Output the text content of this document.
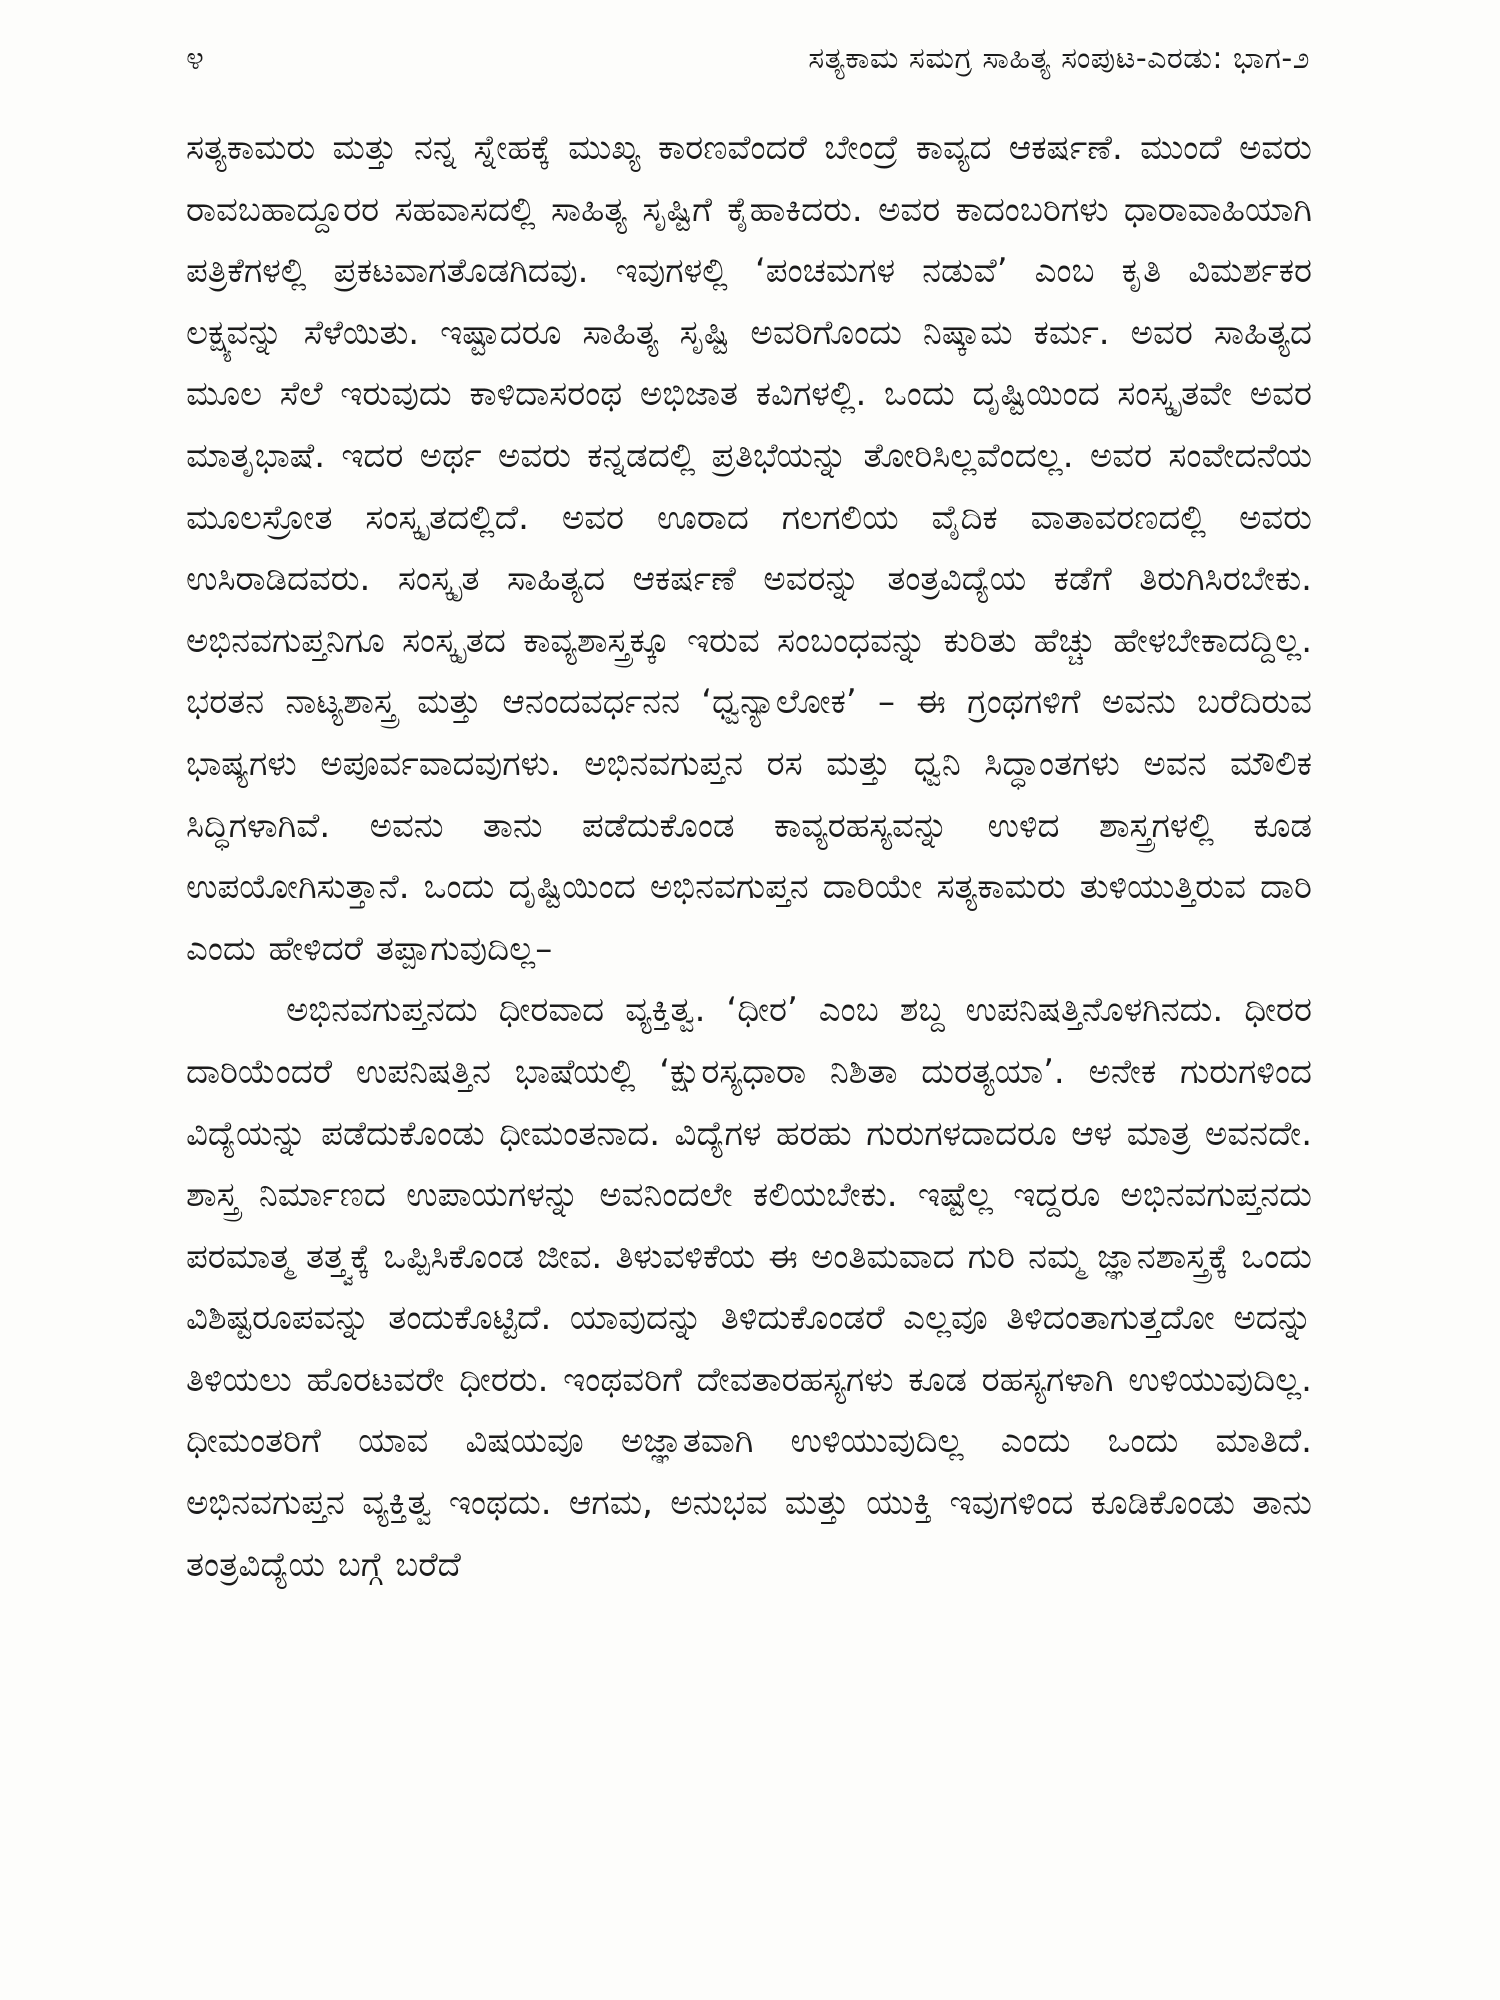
೪	ಸತ್ಯಕಾಮ ಸಮಗ್ರ ಸಾಹಿತ್ಯ ಸಂಪುಟ-ಎರಡು: ಭಾಗ-೨

ಸತ್ಯಕಾಮರು ಮತ್ತು ನನ್ನ ಸ್ನೇಹಕ್ಕೆ ಮುಖ್ಯ ಕಾರಣವೆಂದರೆ ಬೇಂದ್ರೆ ಕಾವ್ಯದ ಆಕರ್ಷಣೆ. ಮುಂದೆ ಅವರು ರಾವಬಹಾದ್ದೂರರ ಸಹವಾಸದಲ್ಲಿ ಸಾಹಿತ್ಯ ಸೃಷ್ಟಿಗೆ ಕೈಹಾಕಿದರು. ಅವರ ಕಾದಂಬರಿಗಳು ಧಾರಾವಾಹಿಯಾಗಿ ಪತ್ರಿಕೆಗಳಲ್ಲಿ ಪ್ರಕಟವಾಗತೊಡಗಿದವು. ಇವುಗಳಲ್ಲಿ ‘ಪಂಚಮಗಳ ನಡುವೆ’ ಎಂಬ ಕೃತಿ ವಿಮರ್ಶಕರ ಲಕ್ಷ್ಯವನ್ನು ಸೆಳೆಯಿತು. ಇಷ್ಟಾದರೂ ಸಾಹಿತ್ಯ ಸೃಷ್ಟಿ ಅವರಿಗೊಂದು ನಿಷ್ಕಾಮ ಕರ್ಮ. ಅವರ ಸಾಹಿತ್ಯದ ಮೂಲ ಸೆಲೆ ಇರುವುದು ಕಾಳಿದಾಸರಂಥ ಅಭಿಜಾತ ಕವಿಗಳಲ್ಲಿ. ಒಂದು ದೃಷ್ಟಿಯಿಂದ ಸಂಸ್ಕೃತವೇ ಅವರ ಮಾತೃಭಾಷೆ. ಇದರ ಅರ್ಥ ಅವರು ಕನ್ನಡದಲ್ಲಿ ಪ್ರತಿಭೆಯನ್ನು ತೋರಿಸಿಲ್ಲವೆಂದಲ್ಲ. ಅವರ ಸಂವೇದನೆಯ ಮೂಲಸ್ರೋತ ಸಂಸ್ಕೃತದಲ್ಲಿದೆ. ಅವರ ಊರಾದ ಗಲಗಲಿಯ ವೈದಿಕ ವಾತಾವರಣದಲ್ಲಿ ಅವರು ಉಸಿರಾಡಿದವರು. ಸಂಸ್ಕೃತ ಸಾಹಿತ್ಯದ ಆಕರ್ಷಣೆ ಅವರನ್ನು ತಂತ್ರವಿದ್ಯೆಯ ಕಡೆಗೆ ತಿರುಗಿಸಿರಬೇಕು. ಅಭಿನವಗುಪ್ತನಿಗೂ ಸಂಸ್ಕೃತದ ಕಾವ್ಯಶಾಸ್ತ್ರಕ್ಕೂ ಇರುವ ಸಂಬಂಧವನ್ನು ಕುರಿತು ಹೆಚ್ಚು ಹೇಳಬೇಕಾದದ್ದಿಲ್ಲ. ಭರತನ ನಾಟ್ಯಶಾಸ್ತ್ರ ಮತ್ತು ಆನಂದವರ್ಧನನ ‘ಧ್ವನ್ಯಾಲೋಕ’ – ಈ ಗ್ರಂಥಗಳಿಗೆ ಅವನು ಬರೆದಿರುವ ಭಾಷ್ಯಗಳು ಅಪೂರ್ವವಾದವುಗಳು. ಅಭಿನವಗುಪ್ತನ ರಸ ಮತ್ತು ಧ್ವನಿ ಸಿದ್ಧಾಂತಗಳು ಅವನ ಮೌಲಿಕ ಸಿದ್ಧಿಗಳಾಗಿವೆ. ಅವನು ತಾನು ಪಡೆದುಕೊಂಡ ಕಾವ್ಯರಹಸ್ಯವನ್ನು ಉಳಿದ ಶಾಸ್ತ್ರಗಳಲ್ಲಿ ಕೂಡ ಉಪಯೋಗಿಸುತ್ತಾನೆ. ಒಂದು ದೃಷ್ಟಿಯಿಂದ ಅಭಿನವಗುಪ್ತನ ದಾರಿಯೇ ಸತ್ಯಕಾಮರು ತುಳಿಯುತ್ತಿರುವ ದಾರಿ ಎಂದು ಹೇಳಿದರೆ ತಪ್ಪಾಗುವುದಿಲ್ಲ–

ಅಭಿನವಗುಪ್ತನದು ಧೀರವಾದ ವ್ಯಕ್ತಿತ್ವ. ‘ಧೀರ’ ಎಂಬ ಶಬ್ದ ಉಪನಿಷತ್ತಿನೊಳಗಿನದು. ಧೀರರ ದಾರಿಯೆಂದರೆ ಉಪನಿಷತ್ತಿನ ಭಾಷೆಯಲ್ಲಿ ‘ಕ್ಷುರಸ್ಯಧಾರಾ ನಿಶಿತಾ ದುರತ್ಯಯಾ’. ಅನೇಕ ಗುರುಗಳಿಂದ ವಿದ್ಯೆಯನ್ನು ಪಡೆದುಕೊಂಡು ಧೀಮಂತನಾದ. ವಿದ್ಯೆಗಳ ಹರಹು ಗುರುಗಳದಾದರೂ ಆಳ ಮಾತ್ರ ಅವನದೇ. ಶಾಸ್ತ್ರ ನಿರ್ಮಾಣದ ಉಪಾಯಗಳನ್ನು ಅವನಿಂದಲೇ ಕಲಿಯಬೇಕು. ಇಷ್ಟೆಲ್ಲ ಇದ್ದರೂ ಅಭಿನವಗುಪ್ತನದು ಪರಮಾತ್ಮ ತತ್ತ್ವಕ್ಕೆ ಒಪ್ಪಿಸಿಕೊಂಡ ಜೀವ. ತಿಳುವಳಿಕೆಯ ಈ ಅಂತಿಮವಾದ ಗುರಿ ನಮ್ಮ ಜ್ಞಾನಶಾಸ್ತ್ರಕ್ಕೆ ಒಂದು ವಿಶಿಷ್ಟರೂಪವನ್ನು ತಂದುಕೊಟ್ಟಿದೆ. ಯಾವುದನ್ನು ತಿಳಿದುಕೊಂಡರೆ ಎಲ್ಲವೂ ತಿಳಿದಂತಾಗುತ್ತದೋ ಅದನ್ನು ತಿಳಿಯಲು ಹೊರಟವರೇ ಧೀರರು. ಇಂಥವರಿಗೆ ದೇವತಾರಹಸ್ಯಗಳು ಕೂಡ ರಹಸ್ಯಗಳಾಗಿ ಉಳಿಯುವುದಿಲ್ಲ. ಧೀಮಂತರಿಗೆ ಯಾವ ವಿಷಯವೂ ಅಜ್ಞಾತವಾಗಿ ಉಳಿಯುವುದಿಲ್ಲ ಎಂದು ಒಂದು ಮಾತಿದೆ. ಅಭಿನವಗುಪ್ತನ ವ್ಯಕ್ತಿತ್ವ ಇಂಥದು. ಆಗಮ, ಅನುಭವ ಮತ್ತು ಯುಕ್ತಿ ಇವುಗಳಿಂದ ಕೂಡಿಕೊಂಡು ತಾನು ತಂತ್ರವಿದ್ಯೆಯ ಬಗ್ಗೆ ಬರೆದೆ
